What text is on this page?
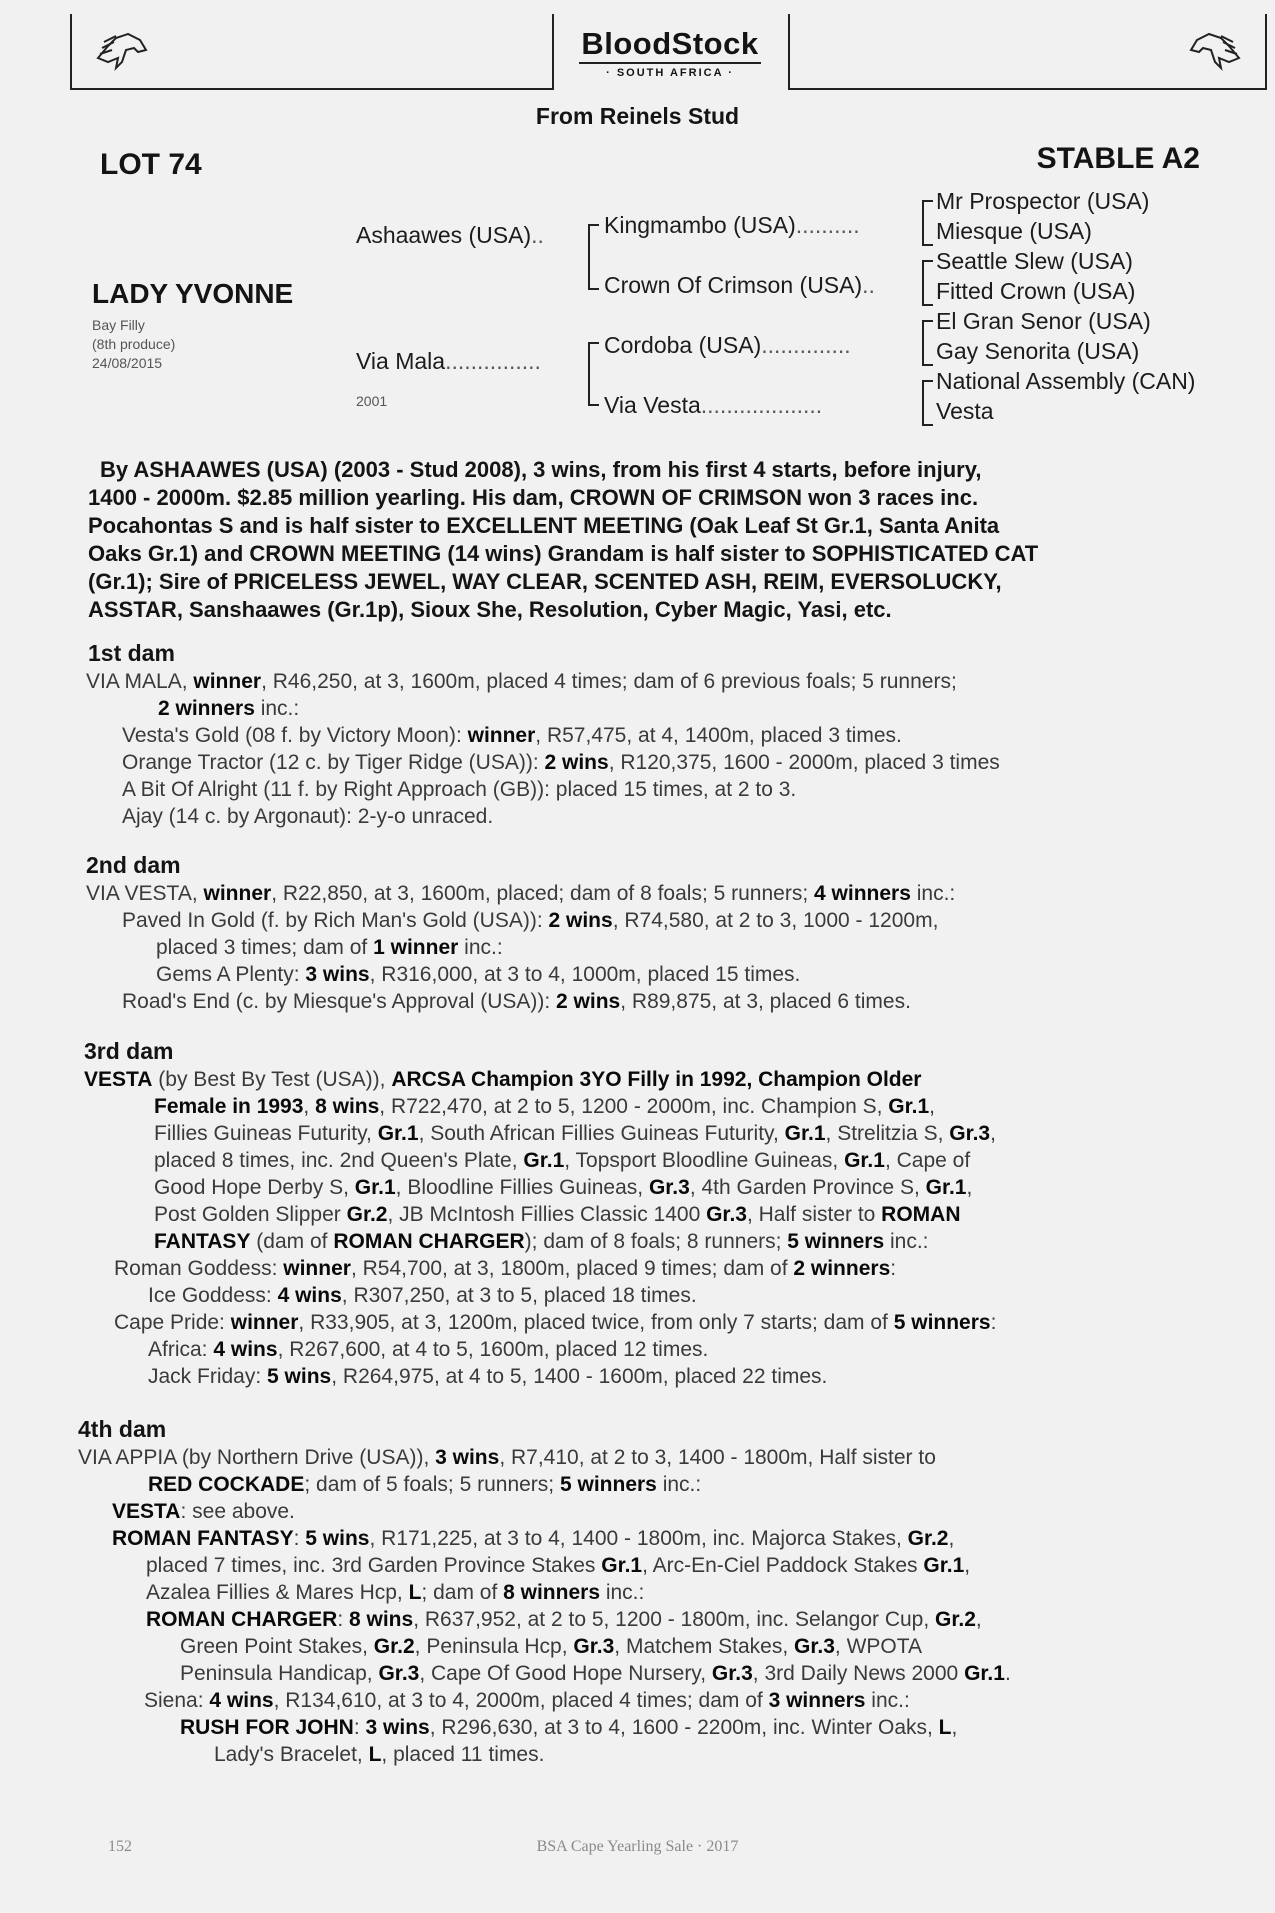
BloodStock
· SOUTH AFRICA ·
From Reinels Stud
LOT 74	STABLE A2
LADY YVONNE
Bay Filly
(8th produce)
24/08/2015
Ashaawes (USA)..
Via Mala...............
2001
Kingmambo (USA)..........
Crown Of Crimson (USA)..
Cordoba (USA)..............
Via Vesta...................
Mr Prospector (USA)
Miesque (USA)
Seattle Slew (USA)
Fitted Crown (USA)
El Gran Senor (USA)
Gay Senorita (USA)
National Assembly (CAN)
Vesta
By ASHAAWES (USA) (2003 - Stud 2008), 3 wins, from his first 4 starts, before injury,
1400 - 2000m. $2.85 million yearling. His dam, CROWN OF CRIMSON won 3 races inc.
Pocahontas S and is half sister to EXCELLENT MEETING (Oak Leaf St Gr.1, Santa Anita
Oaks Gr.1) and CROWN MEETING (14 wins) Grandam is half sister to SOPHISTICATED CAT
(Gr.1); Sire of PRICELESS JEWEL, WAY CLEAR, SCENTED ASH, REIM, EVERSOLUCKY,
ASSTAR, Sanshaawes (Gr.1p), Sioux She, Resolution, Cyber Magic, Yasi, etc.
1st dam
VIA MALA, winner, R46,250, at 3, 1600m, placed 4 times; dam of 6 previous foals; 5 runners;
2 winners inc.:
Vesta's Gold (08 f. by Victory Moon): winner, R57,475, at 4, 1400m, placed 3 times.
Orange Tractor (12 c. by Tiger Ridge (USA)): 2 wins, R120,375, 1600 - 2000m, placed 3 times
A Bit Of Alright (11 f. by Right Approach (GB)): placed 15 times, at 2 to 3.
Ajay (14 c. by Argonaut): 2-y-o unraced.
2nd dam
VIA VESTA, winner, R22,850, at 3, 1600m, placed; dam of 8 foals; 5 runners; 4 winners inc.:
Paved In Gold (f. by Rich Man's Gold (USA)): 2 wins, R74,580, at 2 to 3, 1000 - 1200m,
placed 3 times; dam of 1 winner inc.:
Gems A Plenty: 3 wins, R316,000, at 3 to 4, 1000m, placed 15 times.
Road's End (c. by Miesque's Approval (USA)): 2 wins, R89,875, at 3, placed 6 times.
3rd dam
VESTA (by Best By Test (USA)), ARCSA Champion 3YO Filly in 1992, Champion Older
Female in 1993, 8 wins, R722,470, at 2 to 5, 1200 - 2000m, inc. Champion S, Gr.1,
Fillies Guineas Futurity, Gr.1, South African Fillies Guineas Futurity, Gr.1, Strelitzia S, Gr.3,
placed 8 times, inc. 2nd Queen's Plate, Gr.1, Topsport Bloodline Guineas, Gr.1, Cape of
Good Hope Derby S, Gr.1, Bloodline Fillies Guineas, Gr.3, 4th Garden Province S, Gr.1,
Post Golden Slipper Gr.2, JB McIntosh Fillies Classic 1400 Gr.3, Half sister to ROMAN
FANTASY (dam of ROMAN CHARGER); dam of 8 foals; 8 runners; 5 winners inc.:
Roman Goddess: winner, R54,700, at 3, 1800m, placed 9 times; dam of 2 winners:
Ice Goddess: 4 wins, R307,250, at 3 to 5, placed 18 times.
Cape Pride: winner, R33,905, at 3, 1200m, placed twice, from only 7 starts; dam of 5 winners:
Africa: 4 wins, R267,600, at 4 to 5, 1600m, placed 12 times.
Jack Friday: 5 wins, R264,975, at 4 to 5, 1400 - 1600m, placed 22 times.
4th dam
VIA APPIA (by Northern Drive (USA)), 3 wins, R7,410, at 2 to 3, 1400 - 1800m, Half sister to
RED COCKADE; dam of 5 foals; 5 runners; 5 winners inc.:
VESTA: see above.
ROMAN FANTASY: 5 wins, R171,225, at 3 to 4, 1400 - 1800m, inc. Majorca Stakes, Gr.2,
placed 7 times, inc. 3rd Garden Province Stakes Gr.1, Arc-En-Ciel Paddock Stakes Gr.1,
Azalea Fillies & Mares Hcp, L; dam of 8 winners inc.:
ROMAN CHARGER: 8 wins, R637,952, at 2 to 5, 1200 - 1800m, inc. Selangor Cup, Gr.2,
Green Point Stakes, Gr.2, Peninsula Hcp, Gr.3, Matchem Stakes, Gr.3, WPOTA
Peninsula Handicap, Gr.3, Cape Of Good Hope Nursery, Gr.3, 3rd Daily News 2000 Gr.1.
Siena: 4 wins, R134,610, at 3 to 4, 2000m, placed 4 times; dam of 3 winners inc.:
RUSH FOR JOHN: 3 wins, R296,630, at 3 to 4, 1600 - 2200m, inc. Winter Oaks, L,
Lady's Bracelet, L, placed 11 times.
152	BSA Cape Yearling Sale · 2017
